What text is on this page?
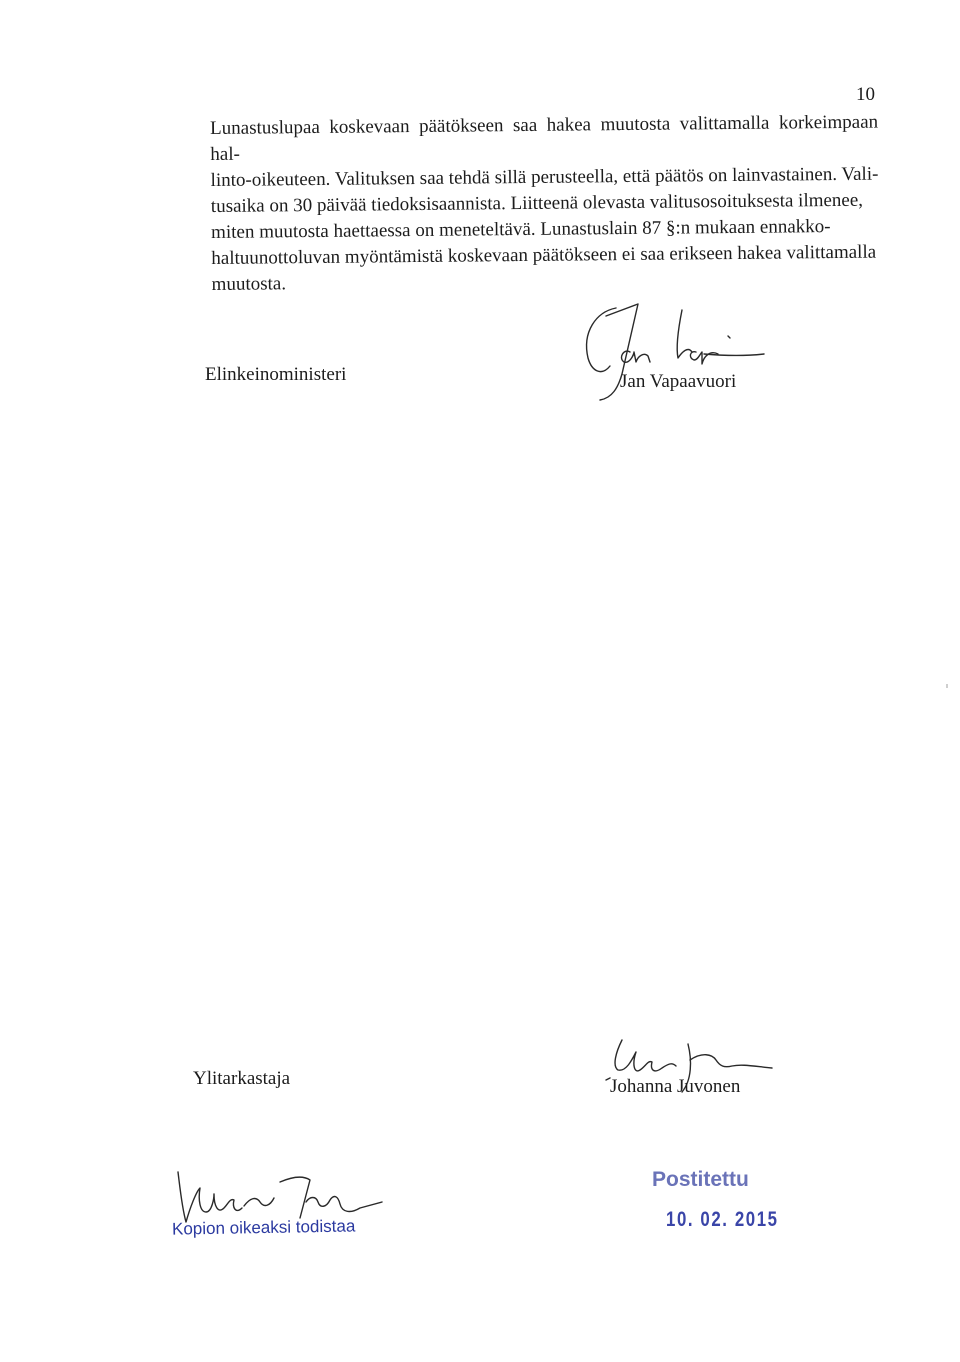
10

Lunastuslupaa koskevaan päätökseen saa hakea muutosta valittamalla korkeimpaan hal-

linto-oikeuteen. Valituksen saa tehdä sillä perusteella, että päätös on lainvastainen. Vali-

tusaika on 30 päivää tiedoksisaannista. Liitteenä olevasta valitusosoituksesta ilmenee,

miten muutosta haettaessa on meneteltävä. Lunastuslain 87 §:n mukaan ennakko-

haltuunottoluvan myöntämistä koskevaan päätökseen ei saa erikseen hakea valittamalla

muutosta.

Elinkeinoministeri	Jan Vapaavuori
Ylitarkastaja	Johanna Juvonen
Kopion oikeaksi todistaa
Postitettu
10. 02. 2015
